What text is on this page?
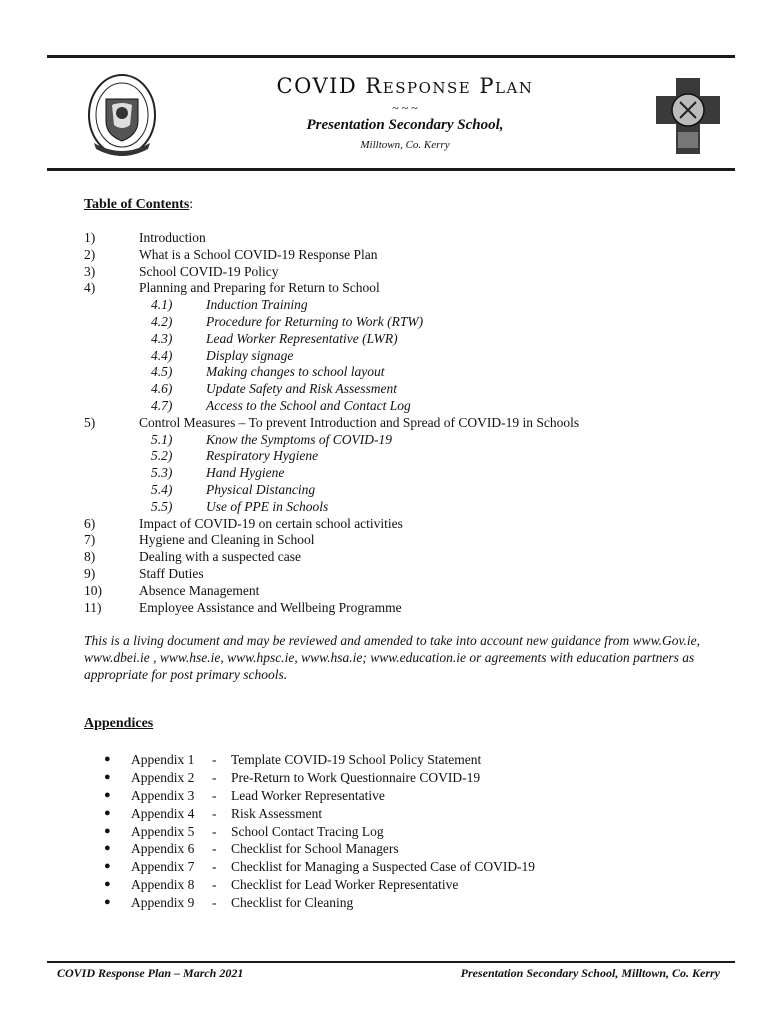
COVID Response Plan
~ ~ ~
Presentation Secondary School,
Milltown, Co. Kerry
Table of Contents:
1)	Introduction
2)	What is a School COVID-19 Response Plan
3)	School COVID-19 Policy
4)	Planning and Preparing for Return to School
4.1) Induction Training
4.2) Procedure for Returning to Work (RTW)
4.3) Lead Worker Representative (LWR)
4.4) Display signage
4.5) Making changes to school layout
4.6) Update Safety and Risk Assessment
4.7) Access to the School and Contact Log
5)	Control Measures – To prevent Introduction and Spread of COVID-19 in Schools
5.1) Know the Symptoms of COVID-19
5.2) Respiratory Hygiene
5.3) Hand Hygiene
5.4) Physical Distancing
5.5) Use of PPE in Schools
6)	Impact of COVID-19 on certain school activities
7)	Hygiene and Cleaning in School
8)	Dealing with a suspected case
9)	Staff Duties
10)	Absence Management
11)	Employee Assistance and Wellbeing Programme
This is a living document and may be reviewed and amended to take into account new guidance from www.Gov.ie, www.dbei.ie , www.hse.ie, www.hpsc.ie, www.hsa.ie; www.education.ie or agreements with education partners as appropriate for post primary schools.
Appendices
● Appendix 1 - Template COVID-19 School Policy Statement
● Appendix 2 - Pre-Return to Work Questionnaire COVID-19
● Appendix 3 - Lead Worker Representative
● Appendix 4 - Risk Assessment
● Appendix 5 - School Contact Tracing Log
● Appendix 6 - Checklist for School Managers
● Appendix 7 - Checklist for Managing a Suspected Case of COVID-19
● Appendix 8 - Checklist for Lead Worker Representative
● Appendix 9 - Checklist for Cleaning
COVID Response Plan – March 2021	Presentation Secondary School, Milltown, Co. Kerry
